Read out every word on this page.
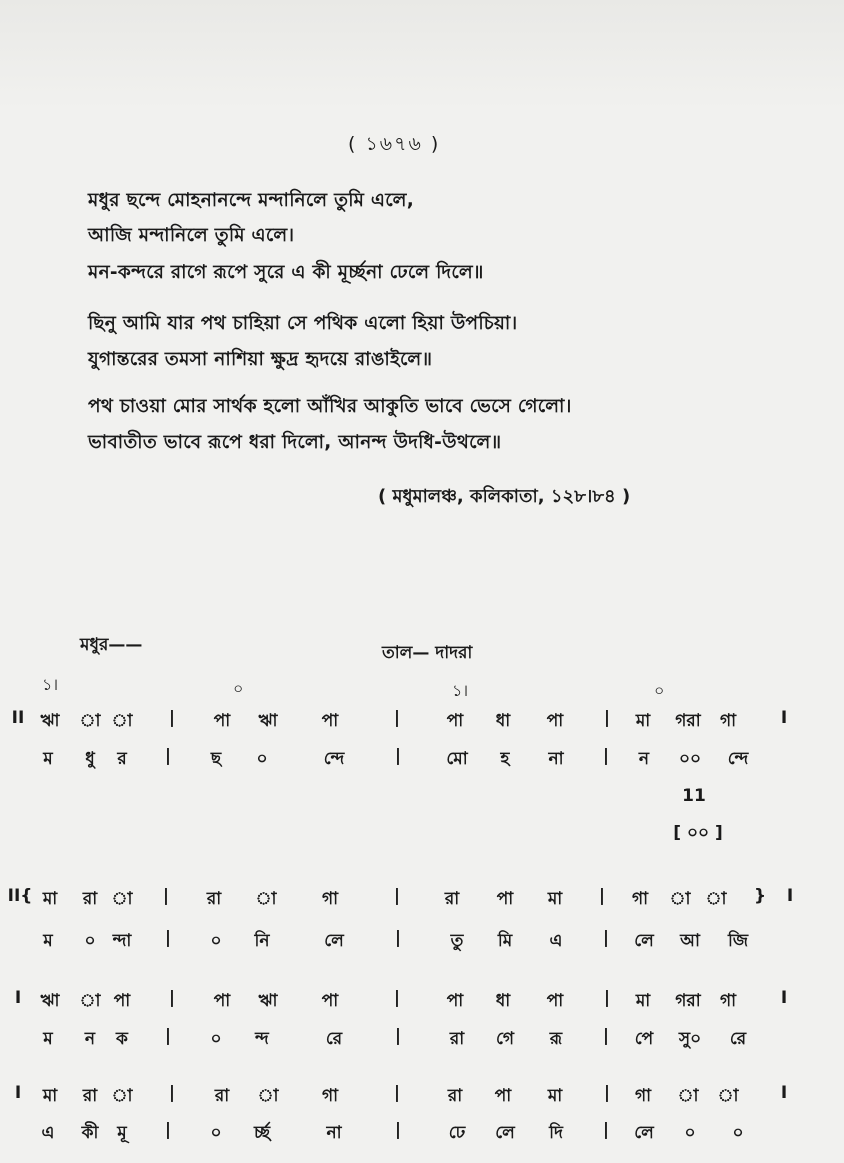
( ১৬৭৬ )
মধুর ছন্দে মোহনানন্দে মন্দানিলে তুমি এলে,
আজি মন্দানিলে তুমি এলে।
মন-কন্দরে রাগে রূপে সুরে এ কী মূর্চ্ছনা ঢেলে দিলে॥
ছিনু আমি যার পথ চাহিয়া সে পথিক এলো হিয়া উপচিয়া।
যুগান্তরের তমসা নাশিয়া ক্ষুদ্র হৃদয়ে রাঙাইলে॥
পথ চাওয়া মোর সার্থক হলো আঁখির আকুতি ভাবে ভেসে গেলো।
ভাবাতীত ভাবে রূপে ধরা দিলো, আনন্দ উদধি-উথলে॥
( মধুমালঞ্চ, কলিকাতা, ১২৮।৮৪ )
মধুর——	তাল— দাদরা
১।	০	১।	০
II ঋা া া | পা ঋা	পা	|	পা ধা পা | মা গরা গা	I
ম ধু র | ছ ০	ন্দে	|	মো হ না | ন ০০ ন্দে
11
[ ০০ ]
II{ মা রা া | রা া	গা	|	রা পা মা | গা া া } I
ম ০ ন্দা | ০ নি	লে	|	তু মি এ | লে আ জি
I ঋা া পা | পা ঋা	পা	|	পা ধা পা | মা গরা গা	I
ম ন ক | ০ ন্দ	রে	|	রা গে রূ | পে সু০ রে
I মা রা া | রা া	গা	|	রা পা মা | গা া া I
এ কী মূ | ০ র্চ্ছ	না	|	ঢে লে দি | লে ০ ০
